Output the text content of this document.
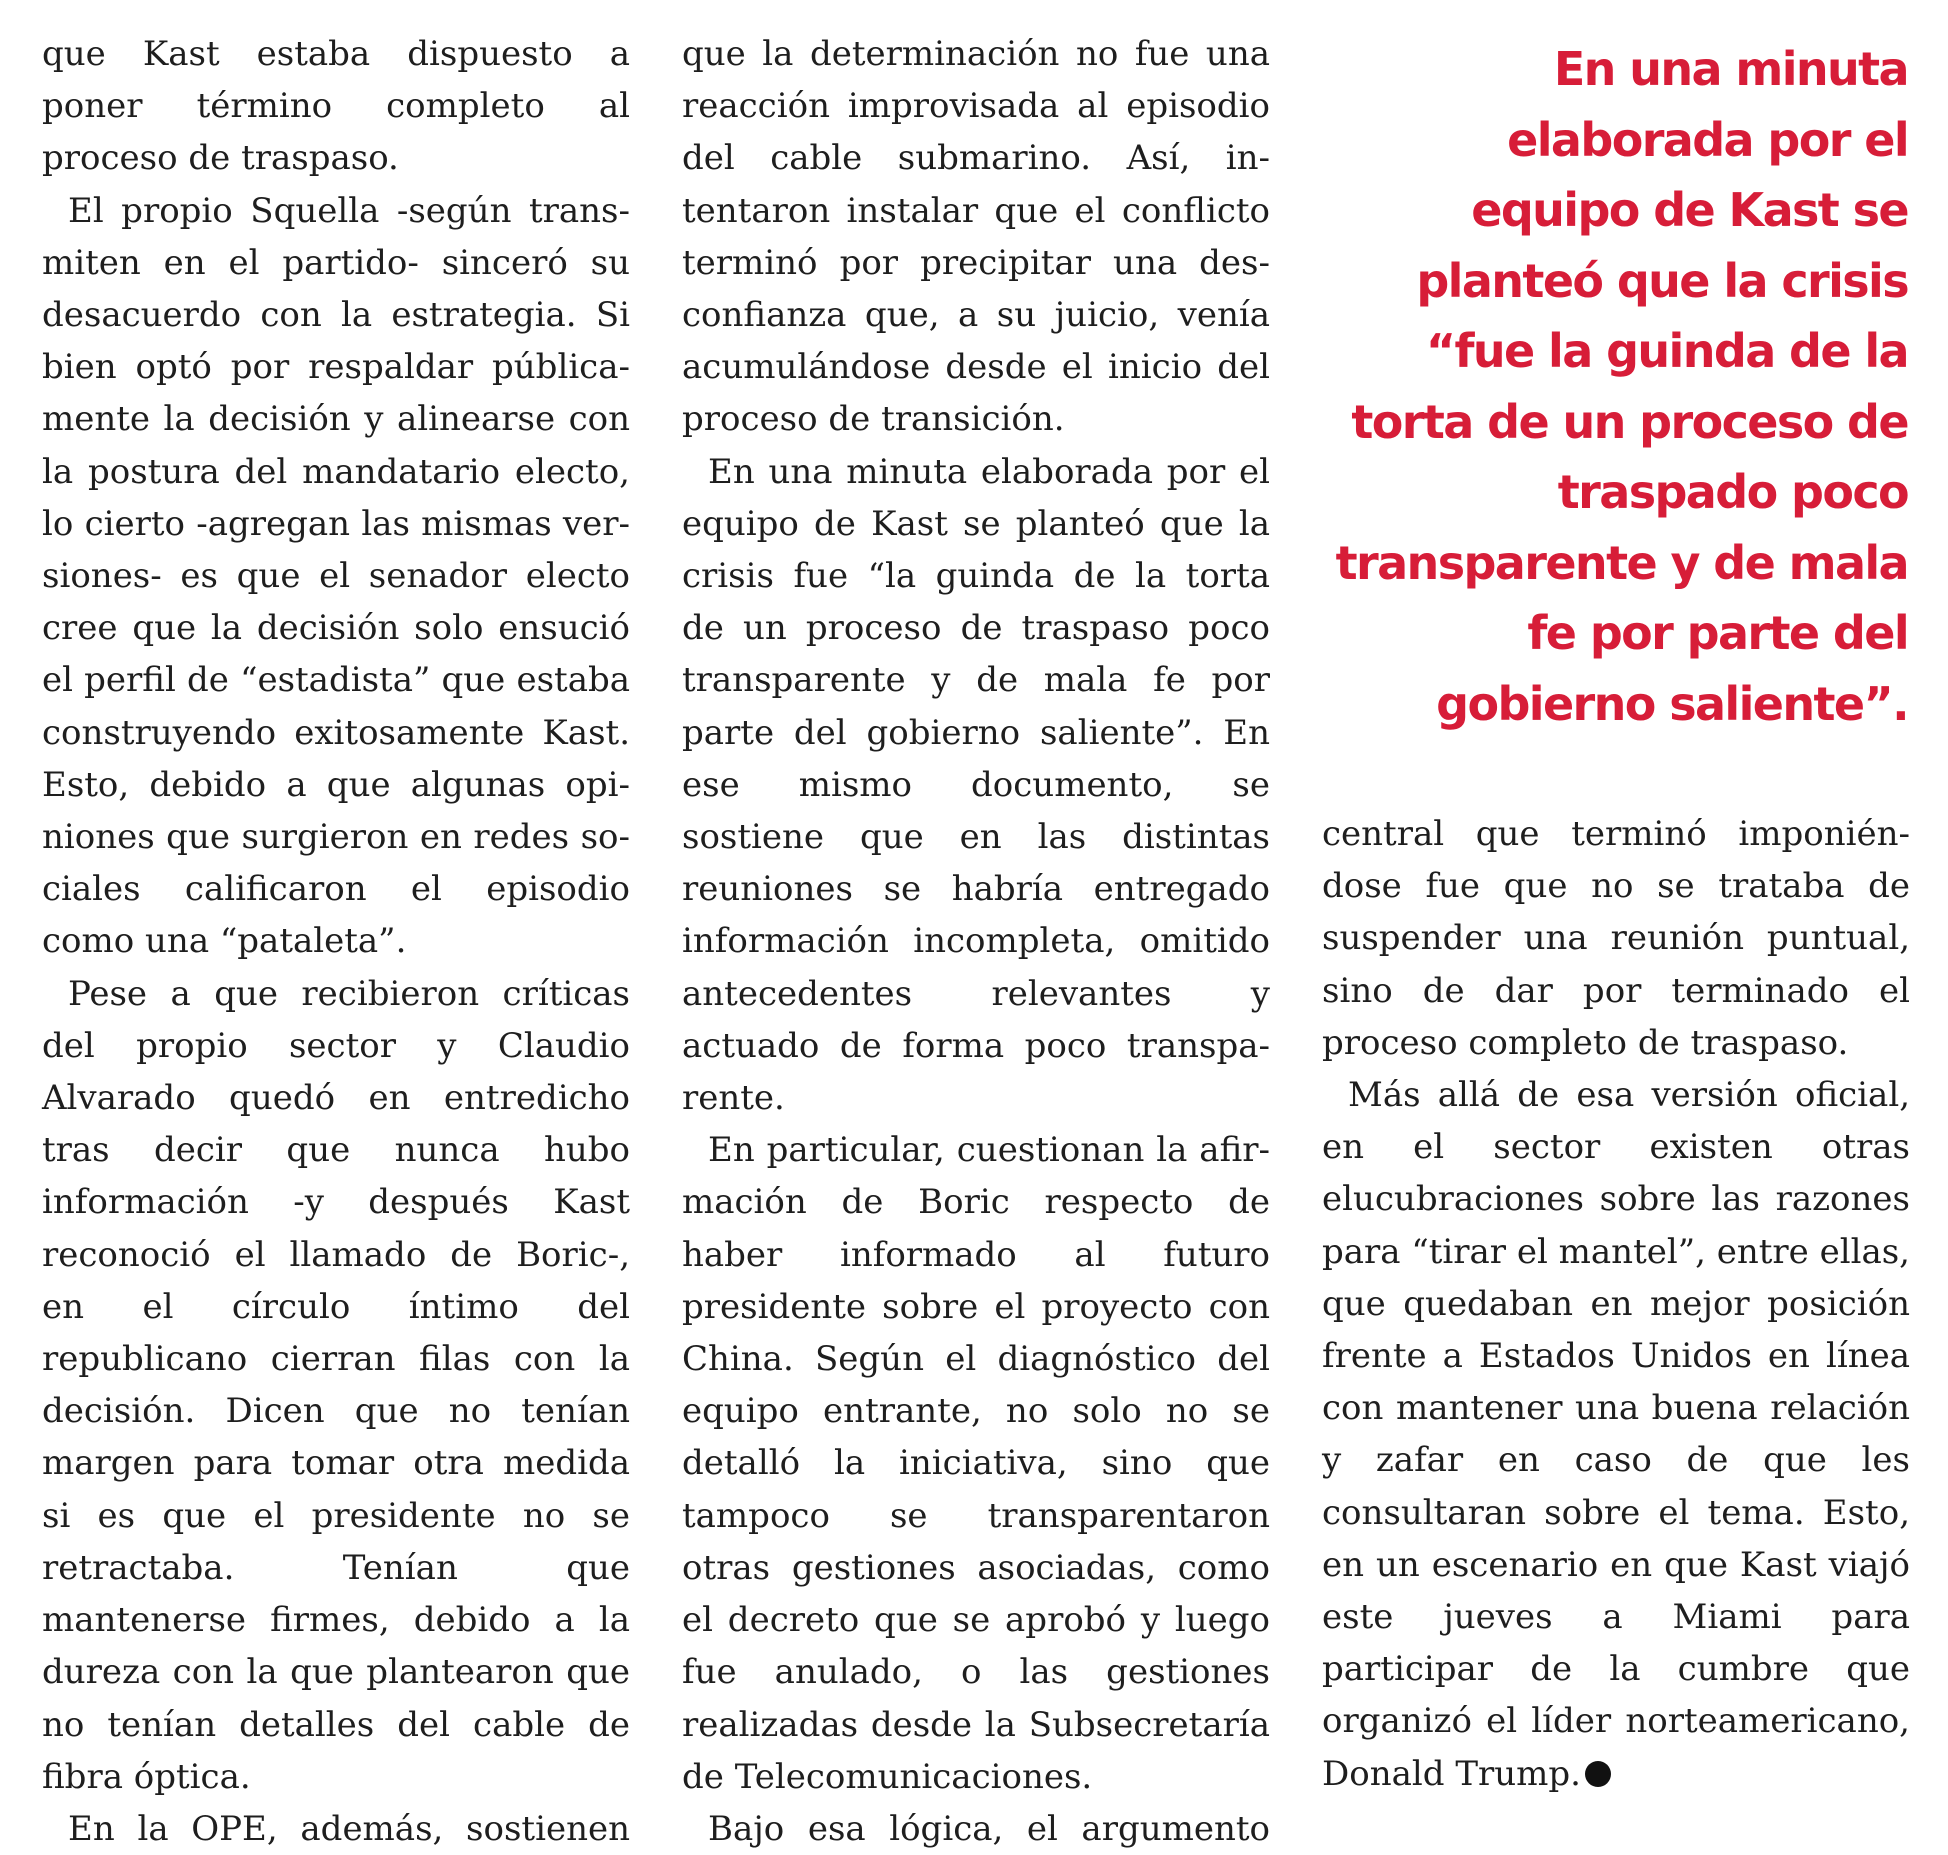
que Kast estaba dispuesto a poner término completo al proceso de traspaso.

El propio Squella -según transmiten en el partido- sinceró su desacuerdo con la estrategia. Si bien optó por respaldar públicamente la decisión y alinearse con la postura del mandatario electo, lo cierto -agregan las mismas versiones- es que el senador electo cree que la decisión solo ensució el perfil de “estadista” que estaba construyendo exitosamente Kast. Esto, debido a que algunas opiniones que surgieron en redes sociales calificaron el episodio como una “pataleta”.

Pese a que recibieron críticas del propio sector y Claudio Alvarado quedó en entredicho tras decir que nunca hubo información -y después Kast reconoció el llamado de Boric-, en el círculo íntimo del republicano cierran filas con la decisión. Dicen que no tenían margen para tomar otra medida si es que el presidente no se retractaba. Tenían que mantenerse firmes, debido a la dureza con la que plantearon que no tenían detalles del cable de fibra óptica.

En la OPE, además, sostienen

que la determinación no fue una reacción improvisada al episodio del cable submarino. Así, intentaron instalar que el conflicto terminó por precipitar una desconfianza que, a su juicio, venía acumulándose desde el inicio del proceso de transición.

En una minuta elaborada por el equipo de Kast se planteó que la crisis fue “la guinda de la torta de un proceso de traspaso poco transparente y de mala fe por parte del gobierno saliente”. En ese mismo documento, se sostiene que en las distintas reuniones se habría entregado información incompleta, omitido antecedentes relevantes y actuado de forma poco transparente.

En particular, cuestionan la afirmación de Boric respecto de haber informado al futuro presidente sobre el proyecto con China. Según el diagnóstico del equipo entrante, no solo no se detalló la iniciativa, sino que tampoco se transparentaron otras gestiones asociadas, como el decreto que se aprobó y luego fue anulado, o las gestiones realizadas desde la Subsecretaría de Telecomunicaciones.

Bajo esa lógica, el argumento

En una minuta elaborada por el equipo de Kast se planteó que la crisis “fue la guinda de la torta de un proceso de traspado poco transparente y de mala fe por parte del gobierno saliente”.

central que terminó imponiéndose fue que no se trataba de suspender una reunión puntual, sino de dar por terminado el proceso completo de traspaso.

Más allá de esa versión oficial, en el sector existen otras elucubraciones sobre las razones para “tirar el mantel”, entre ellas, que quedaban en mejor posición frente a Estados Unidos en línea con mantener una buena relación y zafar en caso de que les consultaran sobre el tema. Esto, en un escenario en que Kast viajó este jueves a Miami para participar de la cumbre que organizó el líder norteamericano, Donald Trump.
